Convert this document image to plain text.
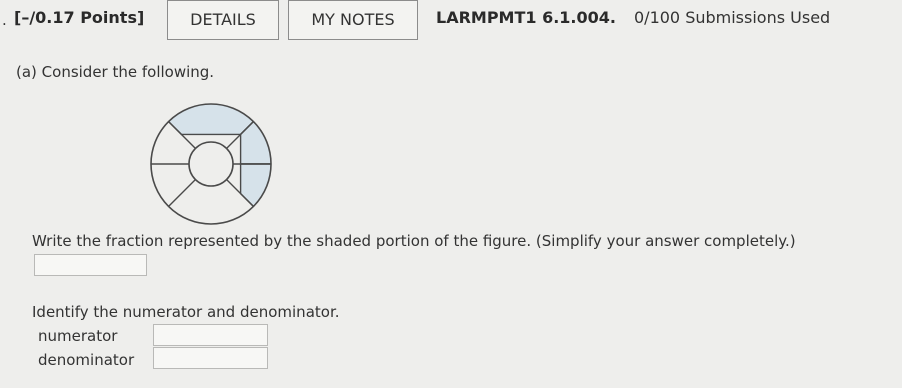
. [–/0.17 Points]	DETAILS	MY NOTES	LARMPMT1 6.1.004. 0/100 Submissions Used
(a) Consider the following.
Write the fraction represented by the shaded portion of the figure. (Simplify your answer completely.)
Identify the numerator and denominator.
numerator
denominator
